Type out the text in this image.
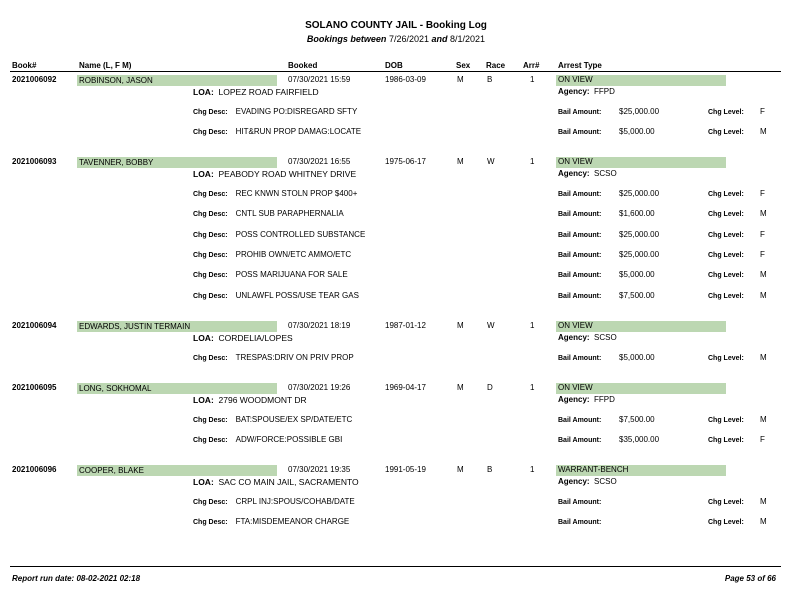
SOLANO COUNTY JAIL - Booking Log
Bookings between 7/26/2021 and 8/1/2021
Book#	Name (L, F M)	Booked	DOB	Sex Race Arr# Arrest Type
2021006092	ROBINSON, JASON	07/30/2021 15:59	1986-03-09	M	B	1	ON VIEW
LOA: LOPEZ ROAD FAIRFIELD	Agency: FFPD
Chg Desc: EVADING PO:DISREGARD SFTY	Bail Amount: $25,000.00	Chg Level: F
Chg Desc: HIT&RUN PROP DAMAG:LOCATE	Bail Amount: $5,000.00	Chg Level: M
2021006093	TAVENNER, BOBBY	07/30/2021 16:55	1975-06-17	M	W	1	ON VIEW
LOA: PEABODY ROAD WHITNEY DRIVE	Agency: SCSO
Chg Desc: REC KNWN STOLN PROP $400+	Bail Amount: $25,000.00	Chg Level: F
Chg Desc: CNTL SUB PARAPHERNALIA	Bail Amount: $1,600.00	Chg Level: M
Chg Desc: POSS CONTROLLED SUBSTANCE	Bail Amount: $25,000.00	Chg Level: F
Chg Desc: PROHIB OWN/ETC AMMO/ETC	Bail Amount: $25,000.00	Chg Level: F
Chg Desc: POSS MARIJUANA FOR SALE	Bail Amount: $5,000.00	Chg Level: M
Chg Desc: UNLAWFL POSS/USE TEAR GAS	Bail Amount: $7,500.00	Chg Level: M
2021006094	EDWARDS, JUSTIN TERMAIN	07/30/2021 18:19	1987-01-12	M	W	1	ON VIEW
LOA: CORDELIA/LOPES	Agency: SCSO
Chg Desc: TRESPAS:DRIV ON PRIV PROP	Bail Amount: $5,000.00	Chg Level: M
2021006095	LONG, SOKHOMAL	07/30/2021 19:26	1969-04-17	M	D	1	ON VIEW
LOA: 2796 WOODMONT DR	Agency: FFPD
Chg Desc: BAT:SPOUSE/EX SP/DATE/ETC	Bail Amount: $7,500.00	Chg Level: M
Chg Desc: ADW/FORCE:POSSIBLE GBI	Bail Amount: $35,000.00	Chg Level: F
2021006096	COOPER, BLAKE	07/30/2021 19:35	1991-05-19	M	B	1	WARRANT-BENCH
LOA: SAC CO MAIN JAIL, SACRAMENTO	Agency: SCSO
Chg Desc: CRPL INJ:SPOUS/COHAB/DATE	Bail Amount:	Chg Level: M
Chg Desc: FTA:MISDEMEANOR CHARGE	Bail Amount:	Chg Level: M
Report run date: 08-02-2021 02:18	Page 53 of 66
